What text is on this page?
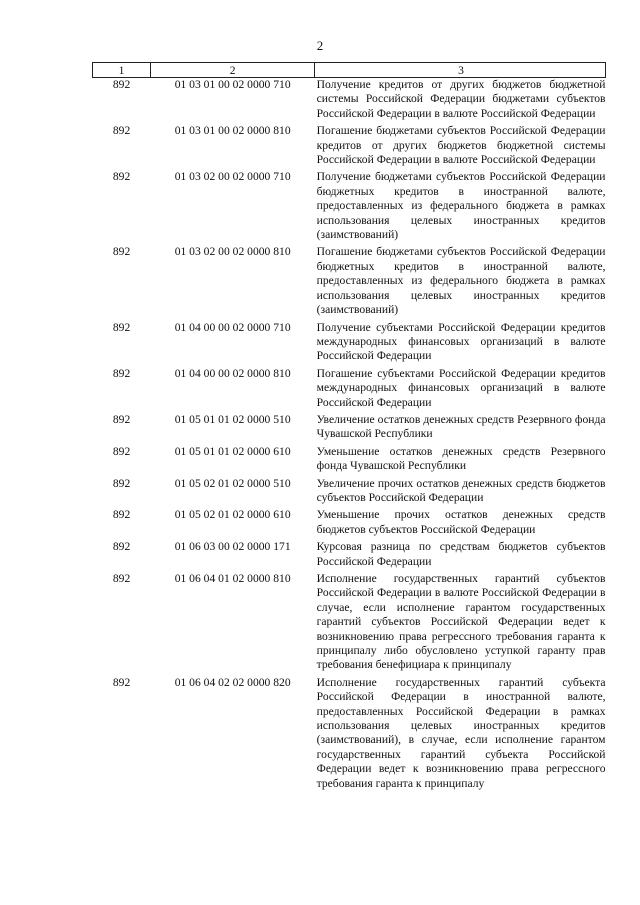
2
1	2	3
892	01 03 01 00 02 0000 710	Получение кредитов от других бюджетов бюджетной системы Российской Федерации бюджетами субъектов Российской Федерации в валюте Российской Федерации
892	01 03 01 00 02 0000 810	Погашение бюджетами субъектов Российской Федерации кредитов от других бюджетов бюджетной системы Российской Федерации в валюте Российской Федерации
892	01 03 02 00 02 0000 710	Получение бюджетами субъектов Российской Федерации бюджетных кредитов в иностранной валюте, предоставленных из федерального бюджета в рамках использования целевых иностранных кредитов (заимствований)
892	01 03 02 00 02 0000 810	Погашение бюджетами субъектов Российской Федерации бюджетных кредитов в иностранной валюте, предоставленных из федерального бюджета в рамках использования целевых иностранных кредитов (заимствований)
892	01 04 00 00 02 0000 710	Получение субъектами Российской Федерации кредитов международных финансовых организаций в валюте Российской Федерации
892	01 04 00 00 02 0000 810	Погашение субъектами Российской Федерации кредитов международных финансовых организаций в валюте Российской Федерации
892	01 05 01 01 02 0000 510	Увеличение остатков денежных средств Резервного фонда Чувашской Республики
892	01 05 01 01 02 0000 610	Уменьшение остатков денежных средств Резервного фонда Чувашской Республики
892	01 05 02 01 02 0000 510	Увеличение прочих остатков денежных средств бюджетов субъектов Российской Федерации
892	01 05 02 01 02 0000 610	Уменьшение прочих остатков денежных средств бюджетов субъектов Российской Федерации
892	01 06 03 00 02 0000 171	Курсовая разница по средствам бюджетов субъектов Российской Федерации
892	01 06 04 01 02 0000 810	Исполнение государственных гарантий субъектов Российской Федерации в валюте Российской Федерации в случае, если исполнение гарантом государственных гарантий субъектов Российской Федерации ведет к возникновению права регрессного требования гаранта к принципалу либо обусловлено уступкой гаранту прав требования бенефициара к принципалу
892	01 06 04 02 02 0000 820	Исполнение государственных гарантий субъекта Российской Федерации в иностранной валюте, предоставленных Российской Федерации в рамках использования целевых иностранных кредитов (заимствований), в случае, если исполнение гарантом государственных гарантий субъекта Российской Федерации ведет к возникновению права регрессного требования гаранта к принципалу
